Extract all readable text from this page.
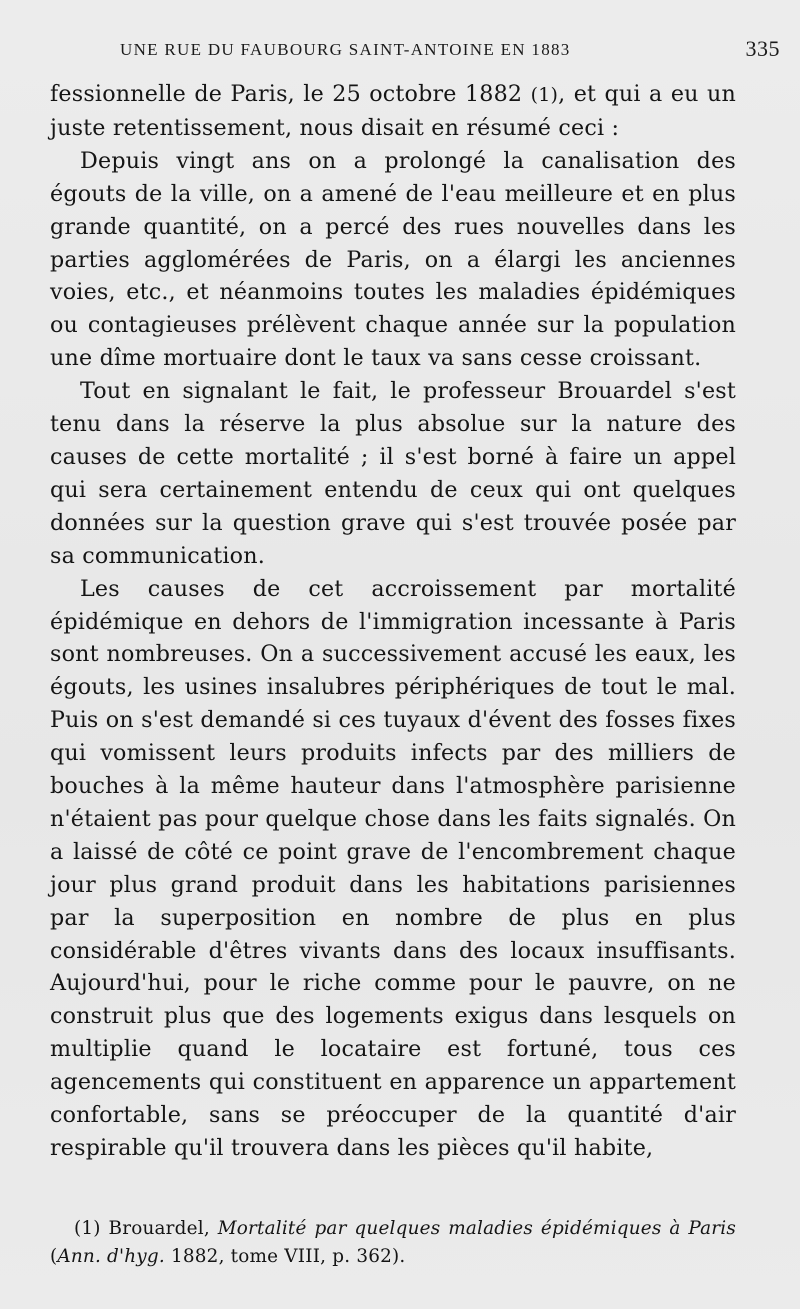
UNE RUE DU FAUBOURG SAINT-ANTOINE EN 1883	335

fessionnelle de Paris, le 25 octobre 1882 (1), et qui a eu un juste retentissement, nous disait en résumé ceci :

Depuis vingt ans on a prolongé la canalisation des égouts de la ville, on a amené de l'eau meilleure et en plus grande quantité, on a percé des rues nouvelles dans les parties agglomérées de Paris, on a élargi les anciennes voies, etc., et néanmoins toutes les maladies épidémiques ou contagieuses prélèvent chaque année sur la population une dîme mortuaire dont le taux va sans cesse croissant.

Tout en signalant le fait, le professeur Brouardel s'est tenu dans la réserve la plus absolue sur la nature des causes de cette mortalité ; il s'est borné à faire un appel qui sera certainement entendu de ceux qui ont quelques données sur la question grave qui s'est trouvée posée par sa communication.

Les causes de cet accroissement par mortalité épidémique en dehors de l'immigration incessante à Paris sont nombreuses. On a successivement accusé les eaux, les égouts, les usines insalubres périphériques de tout le mal. Puis on s'est demandé si ces tuyaux d'évent des fosses fixes qui vomissent leurs produits infects par des milliers de bouches à la même hauteur dans l'atmosphère parisienne n'étaient pas pour quelque chose dans les faits signalés. On a laissé de côté ce point grave de l'encombrement chaque jour plus grand produit dans les habitations parisiennes par la superposition en nombre de plus en plus considérable d'êtres vivants dans des locaux insuffisants. Aujourd'hui, pour le riche comme pour le pauvre, on ne construit plus que des logements exigus dans lesquels on multiplie quand le locataire est fortuné, tous ces agencements qui constituent en apparence un appartement confortable, sans se préoccuper de la quantité d'air respirable qu'il trouvera dans les pièces qu'il habite,

(1) Brouardel, Mortalité par quelques maladies épidémiques à Paris (Ann. d'hyg. 1882, tome VIII, p. 362).
